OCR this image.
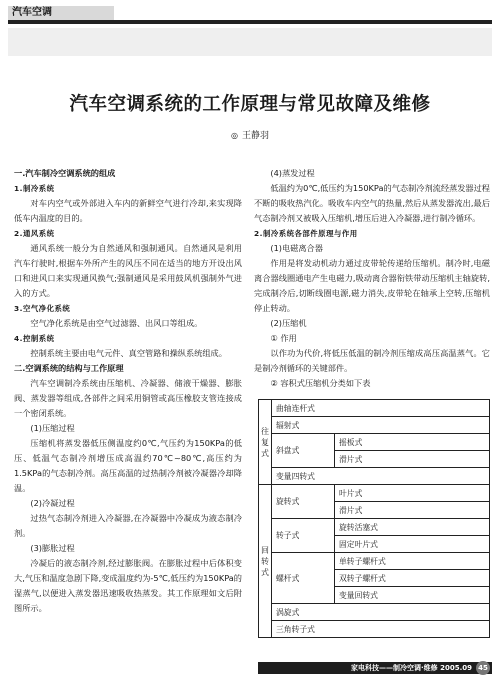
汽车空调
汽车空调系统的工作原理与常见故障及维修
◎ 王静羽
一.汽车制冷空调系统的组成
1.制冷系统

对车内空气或外部进入车内的新鲜空气进行冷却,来实现降低车内温度的目的。

2.通风系统

通风系统一般分为自然通风和强制通风。自然通风是利用汽车行驶时,根据车外所产生的风压不同在适当的地方开设出风口和进风口来实现通风换气;强制通风是采用鼓风机强制外气进入的方式。

3.空气净化系统

空气净化系统是由空气过滤器、出风口等组成。

4.控制系统

控制系统主要由电气元件、真空管路和操纵系统组成。

二.空调系统的结构与工作原理

汽车空调制冷系统由压缩机、冷凝器、储液干燥器、膨胀阀、蒸发器等组成,各部件之间采用铜管或高压橡胶支管连接成一个密闭系统。

(1)压缩过程

压缩机将蒸发器低压侧温度约0℃,气压约为150KPa的低压、低温气态制冷剂增压成高温约70℃~80℃,高压约为1.5KPa的气态制冷剂。高压高温的过热制冷剂被冷凝器冷却降温。

(2)冷凝过程

过热气态制冷剂进入冷凝器,在冷凝器中冷凝成为液态制冷剂。

(3)膨胀过程

冷凝后的液态制冷剂,经过膨胀阀。在膨胀过程中后体积变大,气压和温度急剧下降,变成温度约为-5℃,低压约为150KPa的湿蒸气,以便进入蒸发器迅速吸收热蒸发。其工作原理如文后附图所示。

(4)蒸发过程

低温约为0℃,低压约为150KPa的气态制冷剂流经蒸发器过程不断的吸收热汽化。吸收车内空气的热量,然后从蒸发器流出,最后气态制冷剂又被吸入压缩机,增压后进入冷凝器,进行制冷循环。

2.制冷系统各部件原理与作用

(1)电磁离合器

作用是将发动机动力通过皮带轮传递给压缩机。制冷时,电磁离合器线圈通电产生电磁力,吸动离合器衔铁带动压缩机主轴旋转,完成制冷后,切断线圈电源,磁力消失,皮带轮在轴承上空转,压缩机停止转动。

(2)压缩机

① 作用

以作功为代价,将低压低温的制冷剂压缩成高压高温蒸气。它是制冷剂循环的关键部件。

② 容积式压缩机分类如下表

往复式	曲轴连杆式	
	辐射式	
	斜盘式	摇板式
		滑片式
	变量四转式	
回转式	旋转式	叶片式
		滑片式
	转子式	旋转活塞式
		固定叶片式
	螺杆式	单转子螺杆式
		双转子螺杆式
		变量回转式
	涡旋式	
	三角转子式	
家电科技——制冷空调·维修 2005.09 45
